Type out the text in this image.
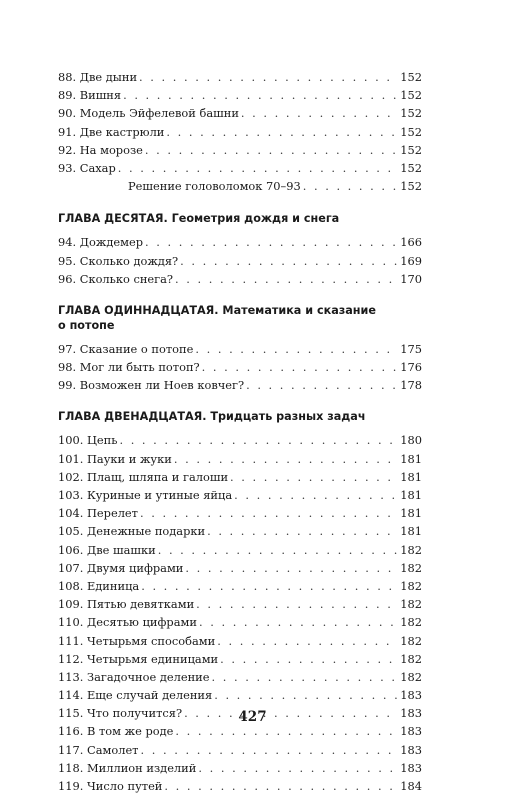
88. Две дыни . . .	152
89. Вишня . . .	152
90. Модель Эйфелевой башни . . .	152
91. Две кастрюли . . .	152
92. На морозе . . .	152
93. Сахар . . .	152
Решение головоломок 70–93 . . .	152
ГЛАВА ДЕСЯТАЯ. Геометрия дождя и снега
94. Дождемер . . .	166
95. Сколько дождя? . . .	169
96. Сколько снега? . . .	170
ГЛАВА ОДИННАДЦАТАЯ. Математика и сказание
о потопе
97. Сказание о потопе . . .	175
98. Мог ли быть потоп? . . .	176
99. Возможен ли Ноев ковчег? . . .	178
ГЛАВА ДВЕНАДЦАТАЯ. Тридцать разных задач
100. Цепь . . .	180
101. Пауки и жуки . . .	181
102. Плащ, шляпа и галоши . . .	181
103. Куриные и утиные яйца . . .	181
104. Перелет . . .	181
105. Денежные подарки . . .	181
106. Две шашки . . .	182
107. Двумя цифрами . . .	182
108. Единица . . .	182
109. Пятью девятками . . .	182
110. Десятью цифрами . . .	182
111. Четырьмя способами . . .	182
112. Четырьмя единицами . . .	182
113. Загадочное деление . . .	182
114. Еще случай деления . . .	183
115. Что получится? . . .	183
116. В том же роде . . .	183
117. Самолет . . .	183
118. Миллион изделий . . .	183
119. Число путей . . .	184
427
